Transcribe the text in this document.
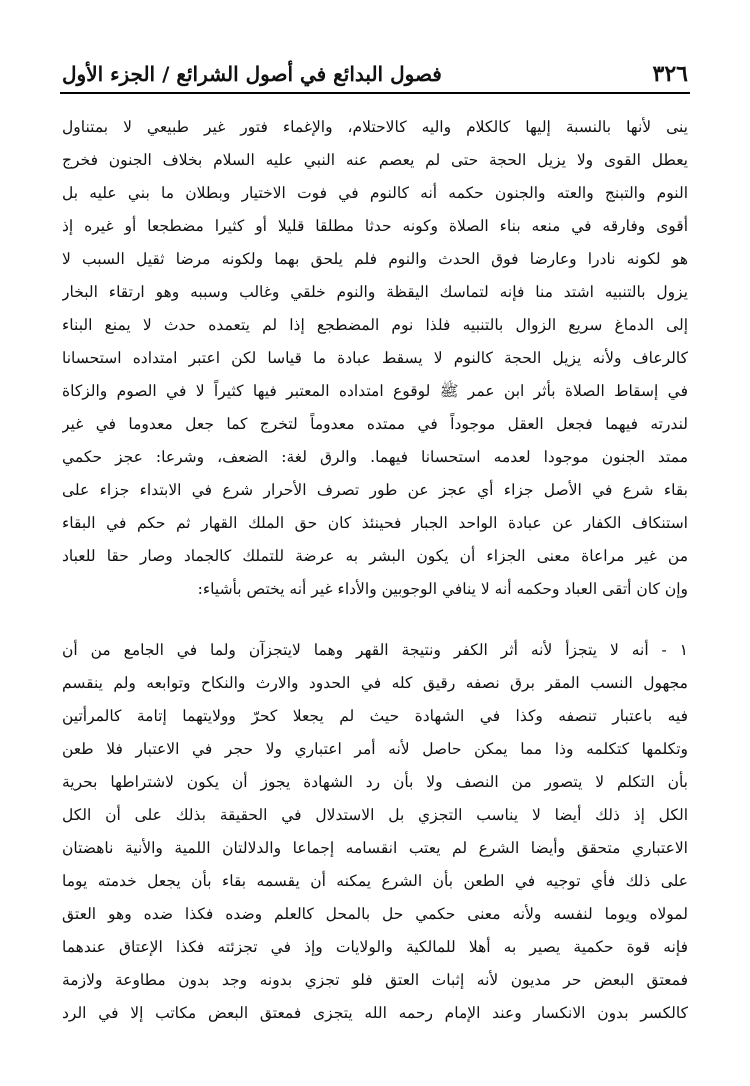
٣٢٦
فصول البدائع في أصول الشرائع / الجزء الأول
ينى لأنها بالنسبة إليها كالكلام واليه كالاحتلام، والإغماء فتور غير طبيعي لا بمتناول
يعطل القوى ولا يزيل الحجة حتى لم يعصم عنه النبي عليه السلام بخلاف الجنون فخرج
النوم والتبنج والعته والجنون حكمه أنه كالنوم في فوت الاختيار وبطلان ما بني عليه بل
أقوى وفارقه في منعه بناء الصلاة وكونه حدثا مطلقا قليلا أو كثيرا مضطجعا أو غيره إذ
هو لكونه نادرا وعارضا فوق الحدث والنوم فلم يلحق بهما ولكونه مرضا ثقيل السبب لا
يزول بالتنبيه اشتد منا فإنه لتماسك اليقظة والنوم خلقي وغالب وسببه وهو ارتقاء البخار
إلى الدماغ سريع الزوال بالتنبيه فلذا نوم المضطجع إذا لم يتعمده حدث لا يمنع البناء
كالرعاف ولأنه يزيل الحجة كالنوم لا يسقط عبادة ما قياسا لكن اعتبر امتداده استحسانا
في إسقاط الصلاة بأثر ابن عمر ﷺ لوقوع امتداده المعتبر فيها كثيراً لا في الصوم والزكاة
لندرته فيهما فجعل العقل موجوداً في ممتده معدوماً لتخرج كما جعل معدوما في غير
ممتد الجنون موجودا لعدمه استحسانا فيهما. والرق لغة: الضعف، وشرعا: عجز حكمي
بقاء شرع في الأصل جزاء أي عجز عن طور تصرف الأحرار شرع في الابتداء جزاء على
استنكاف الكفار عن عبادة الواحد الجبار فحينئذ كان حق الملك القهار ثم حكم في البقاء
من غير مراعاة معنى الجزاء أن يكون البشر به عرضة للتملك كالجماد وصار حقا للعباد
وإن كان أتقى العباد وحكمه أنه لا ينافي الوجوبين والأداء غير أنه يختص بأشياء:
١ - أنه لا يتجزأ لأنه أثر الكفر ونتيجة القهر وهما لايتجزآن ولما في الجامع من أن
مجهول النسب المقر برق نصفه رقيق كله في الحدود والارث والنكاح وتوابعه ولم ينقسم
فيه باعتبار تنصفه وكذا في الشهادة حيث لم يجعلا كحرّ وولايتهما إتامة كالمرأتين
وتكلمها كتكلمه وذا مما يمكن حاصل لأنه أمر اعتباري ولا حجر في الاعتبار فلا طعن
بأن التكلم لا يتصور من النصف ولا بأن رد الشهادة يجوز أن يكون لاشتراطها بحرية
الكل إذ ذلك أيضا لا يناسب التجزي بل الاستدلال في الحقيقة بذلك على أن الكل
الاعتباري متحقق وأيضا الشرع لم يعتب انقسامه إجماعا والدلالتان اللمية والأنية ناهضتان
على ذلك فأي توجيه في الطعن بأن الشرع يمكنه أن يقسمه بقاء بأن يجعل خدمته يوما
لمولاه ويوما لنفسه ولأنه معنى حكمي حل بالمحل كالعلم وضده فكذا ضده وهو العتق
فإنه قوة حكمية يصير به أهلا للمالكية والولايات وإذ في تجزئته فكذا الإعتاق عندهما
فمعتق البعض حر مديون لأنه إثبات العتق فلو تجزي بدونه وجد بدون مطاوعة ولازمة
كالكسر بدون الانكسار وعند الإمام رحمه الله يتجزى فمعتق البعض مكاتب إلا في الرد
